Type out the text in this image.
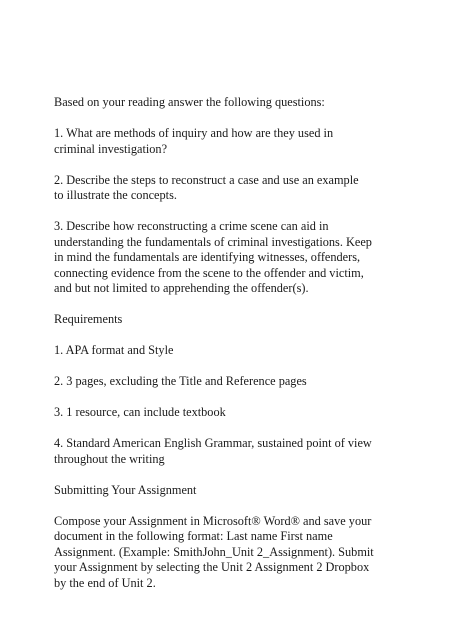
Based on your reading answer the following questions:

1. What are methods of inquiry and how are they used in
criminal investigation?

2. Describe the steps to reconstruct a case and use an example
to illustrate the concepts.

3. Describe how reconstructing a crime scene can aid in
understanding the fundamentals of criminal investigations. Keep
in mind the fundamentals are identifying witnesses, offenders,
connecting evidence from the scene to the offender and victim,
and but not limited to apprehending the offender(s).

Requirements

1. APA format and Style

2. 3 pages, excluding the Title and Reference pages

3. 1 resource, can include textbook

4. Standard American English Grammar, sustained point of view
throughout the writing

Submitting Your Assignment

Compose your Assignment in Microsoft® Word® and save your
document in the following format: Last name First name
Assignment. (Example: SmithJohn_Unit 2_Assignment). Submit
your Assignment by selecting the Unit 2 Assignment 2 Dropbox
by the end of Unit 2.
